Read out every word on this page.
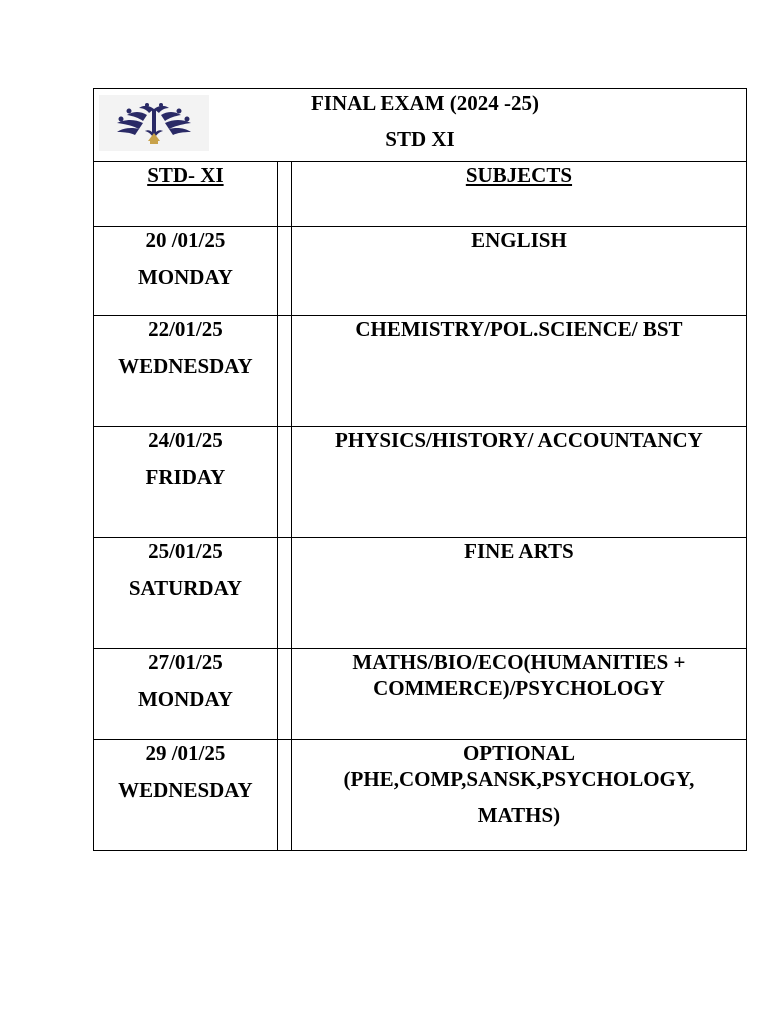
FINAL EXAM (2024 -25)
STD XI		

STD- XI		SUBJECTS
20 /01/25
MONDAY		ENGLISH
22/01/25
WEDNESDAY		CHEMISTRY/POL.SCIENCE/ BST
24/01/25
FRIDAY		PHYSICS/HISTORY/ ACCOUNTANCY
25/01/25
SATURDAY		FINE ARTS
27/01/25
MONDAY		MATHS/BIO/ECO(HUMANITIES + COMMERCE)/PSYCHOLOGY
29 /01/25
WEDNESDAY		OPTIONAL (PHE,COMP,SANSK,PSYCHOLOGY,
MATHS)
